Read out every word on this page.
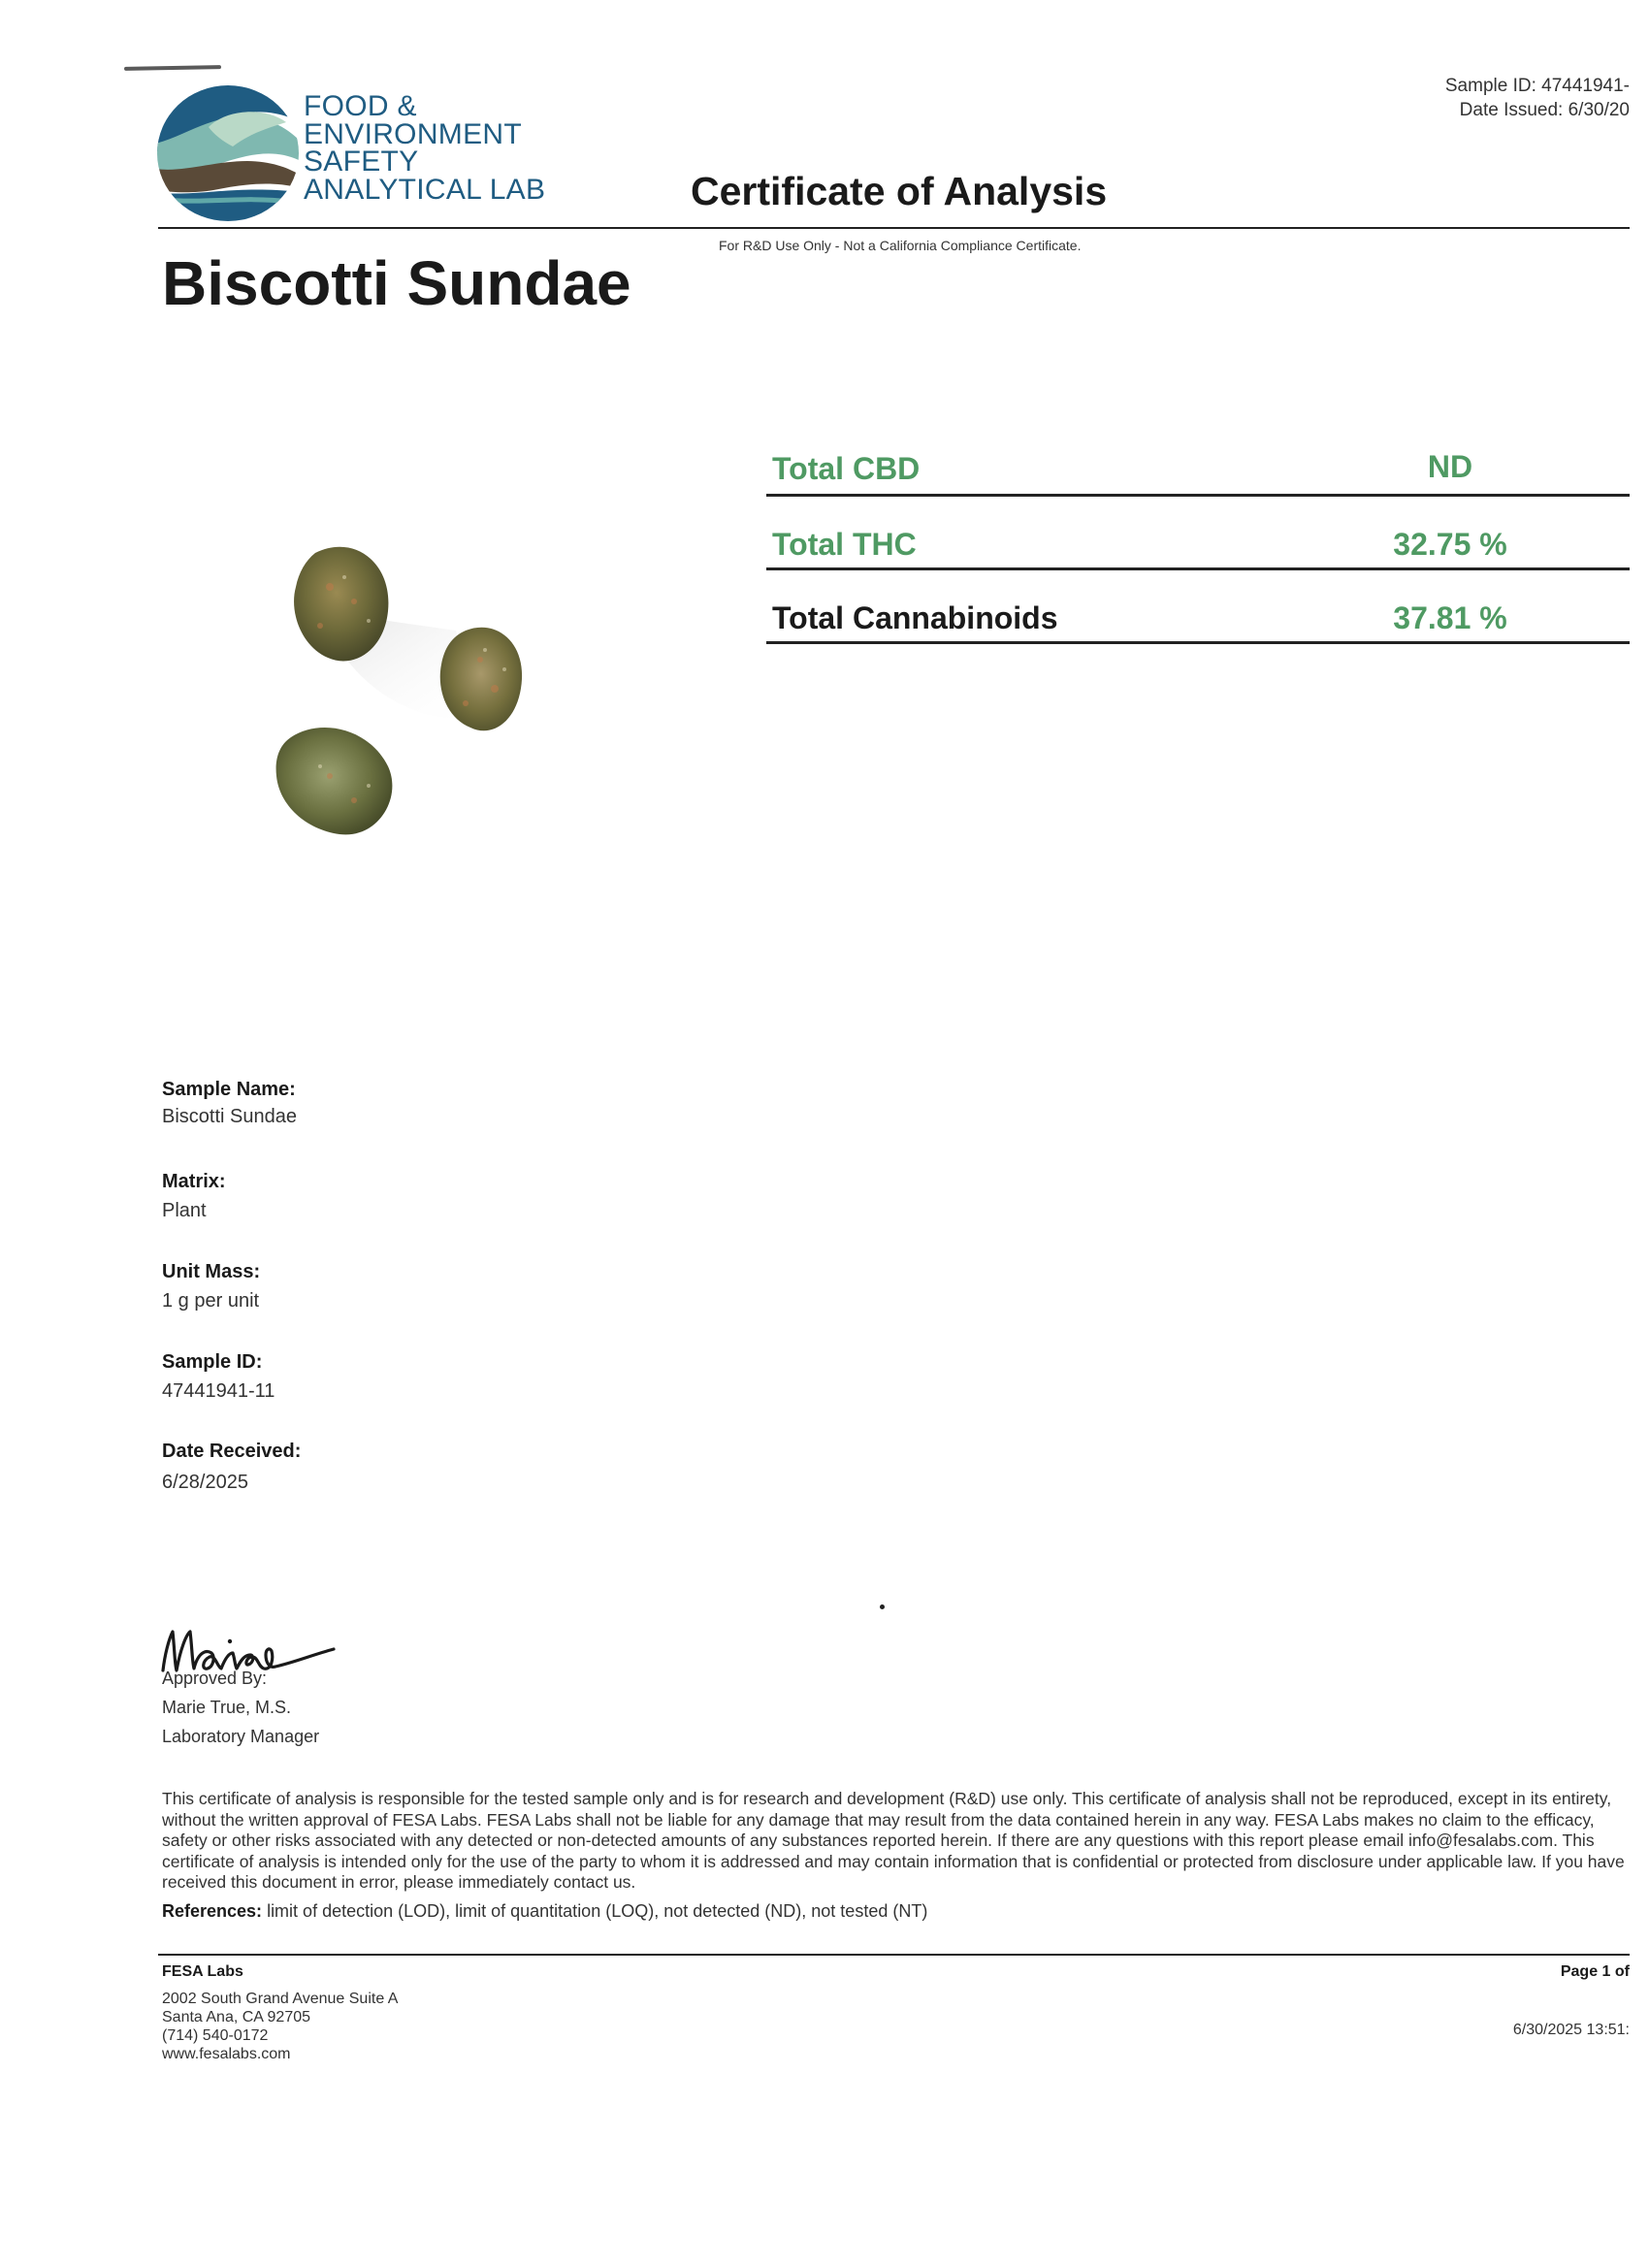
FOOD &
ENVIRONMENT
SAFETY
ANALYTICAL LAB
Sample ID: 47441941-
Date Issued: 6/30/20
Certificate of Analysis
For R&D Use Only - Not a California Compliance Certificate.
Biscotti Sundae
Total CBD	ND
Total THC	32.75 %
Total Cannabinoids	37.81 %
Sample Name:
Biscotti Sundae
Matrix:
Plant
Unit Mass:
1 g per unit
Sample ID:
47441941-11
Date Received:
6/28/2025
Approved By:
Marie True, M.S.
Laboratory Manager
This certificate of analysis is responsible for the tested sample only and is for research and development (R&D) use only. This certificate of analysis shall not be reproduced, except in its entirety, without the written approval of FESA Labs. FESA Labs shall not be liable for any damage that may result from the data contained herein in any way. FESA Labs makes no claim to the efficacy, safety or other risks associated with any detected or non-detected amounts of any substances reported herein. If there are any questions with this report please email info@fesalabs.com. This certificate of analysis is intended only for the use of the party to whom it is addressed and may contain information that is confidential or protected from disclosure under applicable law. If you have received this document in error, please immediately contact us.
References: limit of detection (LOD), limit of quantitation (LOQ), not detected (ND), not tested (NT)
FESA Labs
2002 South Grand Avenue Suite A
Santa Ana, CA 92705
(714) 540-0172
www.fesalabs.com
Page 1 of
6/30/2025 13:51:
